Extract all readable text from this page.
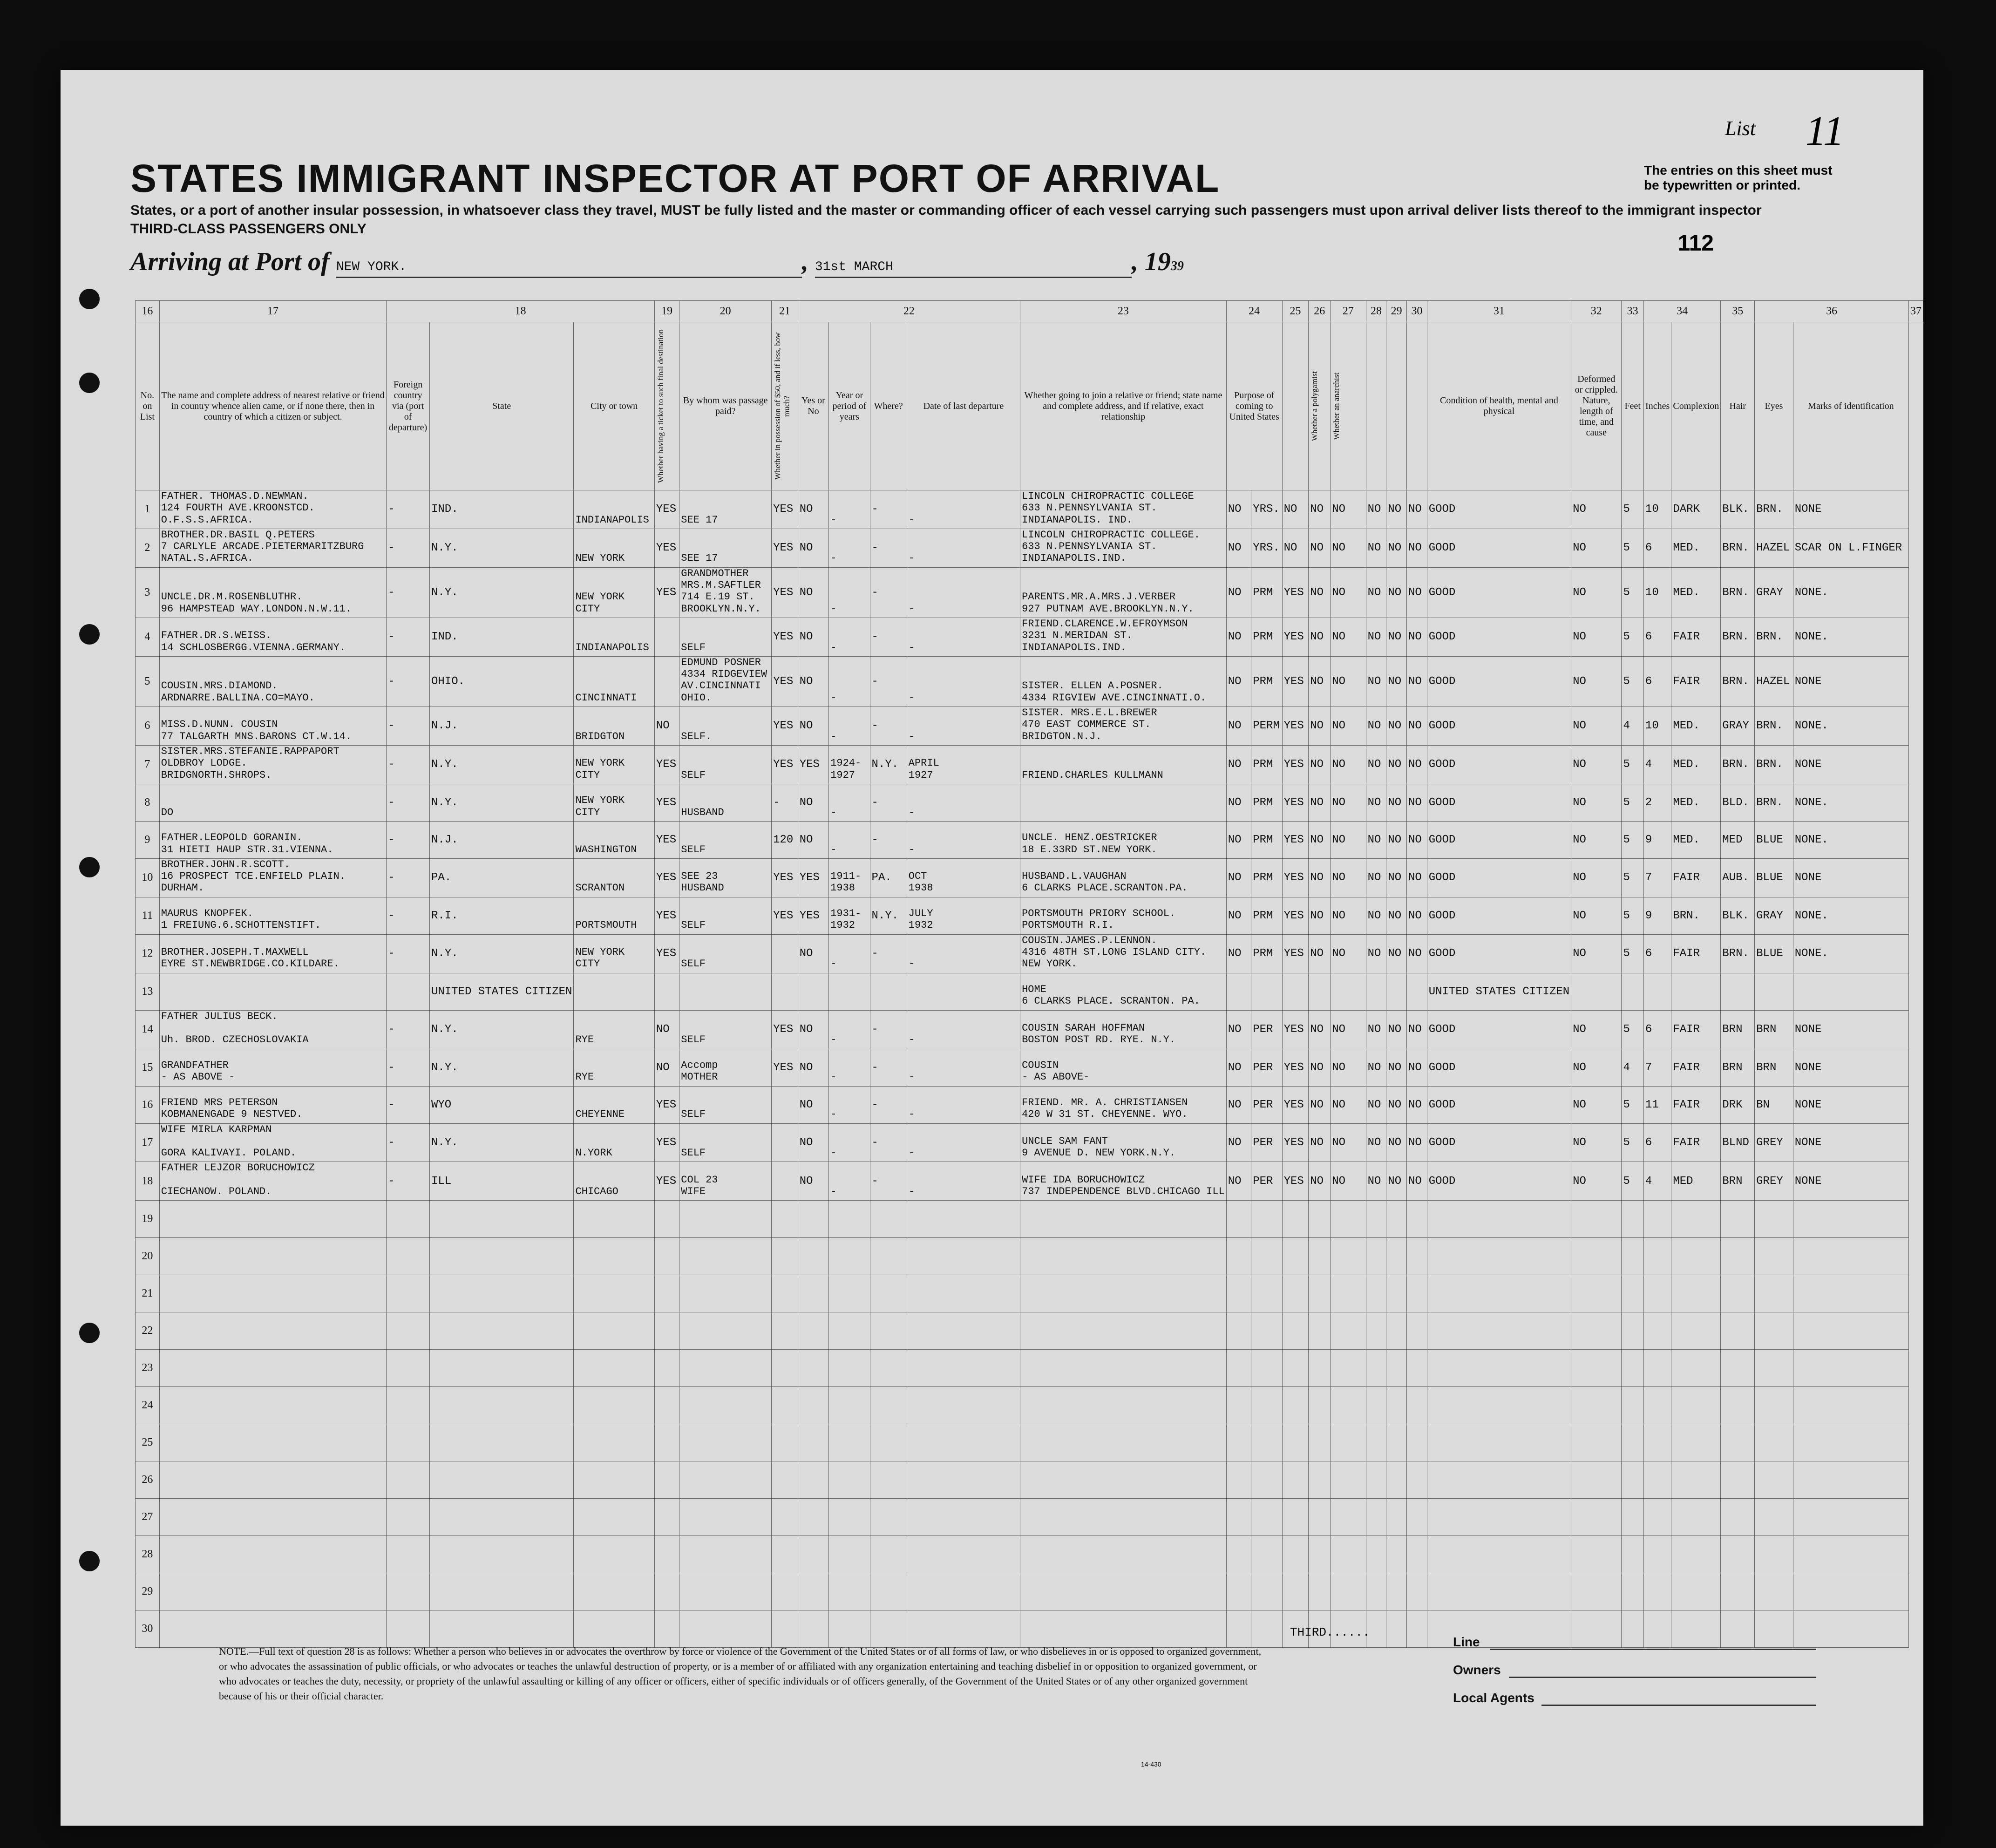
STATES IMMIGRANT INSPECTOR AT PORT OF ARRIVAL
States, or a port of another insular possession, in whatsoever class they travel, MUST be fully listed and the master or commanding officer of each vessel carrying such passengers must upon arrival deliver lists thereof to the immigrant inspector
THIRD-CLASS PASSENGERS ONLY
Arriving at Port of NEW YORK.	, 31st MARCH	, 1939
List 11
The entries on this sheet must be typewritten or printed.
112
16	17	18			19	20	21	22				23	24		25	26	27	28	29	30	31	32	33	34		35	36		37
No. on List	The name and complete address of nearest relative or friend in country whence alien came, or if none there, then in country of which a citizen or subject.	Foreign country via (port of departure)	State	City or town	Whether having a ticket to such final destination	By whom was passage paid?	Whether in possession of $50, and if less, how much?	Yes or No	Year or period of years	Where?	Date of last departure	Whether going to join a relative or friend; state name and complete address, and if relative, exact relationship	Purpose of coming to United States			Whether a polygamist	Whether an anarchist				Condition of health, mental and physical	Deformed or crippled. Nature, length of time, and cause	Feet	Inches	Complexion	Hair	Eyes	Marks of identification	
1	FATHER. THOMAS.D.NEWMAN.
124 FOURTH AVE.KROONSTCD.
O.F.S.S.AFRICA.	-	IND.	INDIANAPOLIS	YES	SEE 17	YES	NO	-	-	-	LINCOLN CHIROPRACTIC COLLEGE
633 N.PENNSYLVANIA ST.
INDIANAPOLIS. IND.	NO	YRS.	NO	NO	NO	NO	NO	NO	GOOD	NO	5	10	DARK	BLK.	BRN.	NONE	
2	BROTHER.DR.BASIL Q.PETERS
7 CARLYLE ARCADE.PIETERMARITZBURG
NATAL.S.AFRICA.	-	N.Y.	NEW YORK	YES	SEE 17	YES	NO	-	-	-	LINCOLN CHIROPRACTIC COLLEGE.
633 N.PENNSYLVANIA ST.
INDIANAPOLIS.IND.	NO	YRS.	NO	NO	NO	NO	NO	NO	GOOD	NO	5	6	MED.	BRN.	HAZEL	SCAR ON L.FINGER	
3	UNCLE.DR.M.ROSENBLUTHR.
96 HAMPSTEAD WAY.LONDON.N.W.11.	-	N.Y.	NEW YORK
CITY	YES	GRANDMOTHER
MRS.M.SAFTLER
714 E.19 ST.
BROOKLYN.N.Y.	YES	NO	-	-	-	PARENTS.MR.A.MRS.J.VERBER
927 PUTNAM AVE.BROOKLYN.N.Y.	NO	PRM	YES	NO	NO	NO	NO	NO	GOOD	NO	5	10	MED.	BRN.	GRAY	NONE.	
4	FATHER.DR.S.WEISS.
14 SCHLOSBERGG.VIENNA.GERMANY.	-	IND.	INDIANAPOLIS		SELF	YES	NO	-	-	-	FRIEND.CLARENCE.W.EFROYMSON
3231 N.MERIDAN ST.
INDIANAPOLIS.IND.	NO	PRM	YES	NO	NO	NO	NO	NO	GOOD	NO	5	6	FAIR	BRN.	BRN.	NONE.	
5	COUSIN.MRS.DIAMOND.
ARDNARRE.BALLINA.CO=MAYO.	-	OHIO.	CINCINNATI		EDMUND POSNER
4334 RIDGEVIEW
AV.CINCINNATI
OHIO.	YES	NO	-	-	-	SISTER. ELLEN A.POSNER.
4334 RIGVIEW AVE.CINCINNATI.O.	NO	PRM	YES	NO	NO	NO	NO	NO	GOOD	NO	5	6	FAIR	BRN.	HAZEL	NONE	
6	MISS.D.NUNN. COUSIN
77 TALGARTH MNS.BARONS CT.W.14.	-	N.J.	BRIDGTON	NO	SELF.	YES	NO	-	-	-	SISTER. MRS.E.L.BREWER
470 EAST COMMERCE ST.
BRIDGTON.N.J.	NO	PERM	YES	NO	NO	NO	NO	NO	GOOD	NO	4	10	MED.	GRAY	BRN.	NONE.	
7	SISTER.MRS.STEFANIE.RAPPAPORT
OLDBROY LODGE.
BRIDGNORTH.SHROPS.	-	N.Y.	NEW YORK
CITY	YES	SELF	YES	YES	1924-
1927	N.Y.	APRIL
1927	FRIEND.CHARLES KULLMANN	NO	PRM	YES	NO	NO	NO	NO	NO	GOOD	NO	5	4	MED.	BRN.	BRN.	NONE	
8	DO	-	N.Y.	NEW YORK
CITY	YES	HUSBAND	-	NO	-	-	-		NO	PRM	YES	NO	NO	NO	NO	NO	GOOD	NO	5	2	MED.	BLD.	BRN.	NONE.	
9	FATHER.LEOPOLD GORANIN.
31 HIETI HAUP STR.31.VIENNA.	-	N.J.	WASHINGTON	YES	SELF	120	NO	-	-	-	UNCLE. HENZ.OESTRICKER
18 E.33RD ST.NEW YORK.	NO	PRM	YES	NO	NO	NO	NO	NO	GOOD	NO	5	9	MED.	MED	BLUE	NONE.	
10	BROTHER.JOHN.R.SCOTT.
16 PROSPECT TCE.ENFIELD PLAIN.
DURHAM.	-	PA.	SCRANTON	YES	SEE 23
HUSBAND	YES	YES	1911-
1938	PA.	OCT
1938	HUSBAND.L.VAUGHAN
6 CLARKS PLACE.SCRANTON.PA.	NO	PRM	YES	NO	NO	NO	NO	NO	GOOD	NO	5	7	FAIR	AUB.	BLUE	NONE	
11	MAURUS KNOPFEK.
1 FREIUNG.6.SCHOTTENSTIFT.	-	R.I.	PORTSMOUTH	YES	SELF	YES	YES	1931-
1932	N.Y.	JULY
1932	PORTSMOUTH PRIORY SCHOOL.
PORTSMOUTH R.I.	NO	PRM	YES	NO	NO	NO	NO	NO	GOOD	NO	5	9	BRN.	BLK.	GRAY	NONE.	
12	BROTHER.JOSEPH.T.MAXWELL
EYRE ST.NEWBRIDGE.CO.KILDARE.	-	N.Y.	NEW YORK
CITY	YES	SELF		NO	-	-	-	COUSIN.JAMES.P.LENNON.
4316 48TH ST.LONG ISLAND CITY.
NEW YORK.	NO	PRM	YES	NO	NO	NO	NO	NO	GOOD	NO	5	6	FAIR	BRN.	BLUE	NONE.	
13			UNITED STATES CITIZEN									HOME
6 CLARKS PLACE. SCRANTON. PA.									UNITED STATES CITIZEN								
14	FATHER JULIUS BECK.

Uh. BROD. CZECHOSLOVAKIA	-	N.Y.	RYE	NO	SELF	YES	NO	-	-	-	COUSIN SARAH HOFFMAN
BOSTON POST RD. RYE. N.Y.	NO	PER	YES	NO	NO	NO	NO	NO	GOOD	NO	5	6	FAIR	BRN	BRN	NONE	
15	GRANDFATHER
- AS ABOVE -	-	N.Y.	RYE	NO	Accomp
MOTHER	YES	NO	-	-	-	COUSIN
- AS ABOVE-	NO	PER	YES	NO	NO	NO	NO	NO	GOOD	NO	4	7	FAIR	BRN	BRN	NONE	
16	FRIEND MRS PETERSON
KOBMANENGADE 9 NESTVED.	-	WYO	CHEYENNE	YES	SELF		NO	-	-	-	FRIEND. MR. A. CHRISTIANSEN
420 W 31 ST. CHEYENNE. WYO.	NO	PER	YES	NO	NO	NO	NO	NO	GOOD	NO	5	11	FAIR	DRK	BN	NONE	
17	WIFE MIRLA KARPMAN

GORA KALIVAYI. POLAND.	-	N.Y.	N.YORK	YES	SELF		NO	-	-	-	UNCLE SAM FANT
9 AVENUE D. NEW YORK.N.Y.	NO	PER	YES	NO	NO	NO	NO	NO	GOOD	NO	5	6	FAIR	BLND	GREY	NONE	
18	FATHER LEJZOR BORUCHOWICZ

CIECHANOW. POLAND.	-	ILL	CHICAGO	YES	COL 23
WIFE		NO	-	-	-	WIFE IDA BORUCHOWICZ
737 INDEPENDENCE BLVD.CHICAGO ILL	NO	PER	YES	NO	NO	NO	NO	NO	GOOD	NO	5	4	MED	BRN	GREY	NONE	
19																													
20																													
21																													
22																													
23																													
24																													
25																													
26																													
27																													
28																													
29																													
30																													
NOTE.—Full text of question 28 is as follows: Whether a person who believes in or advocates the overthrow by force or violence of the Government of the United States or of all forms of law, or who disbelieves in or is opposed to organized government, or who advocates the assassination of public officials, or who advocates or teaches the unlawful destruction of property, or is a member of or affiliated with any organization entertaining and teaching disbelief in or opposition to organized government, or who advocates or teaches the duty, necessity, or propriety of the unlawful assaulting or killing of any officer or officers, either of specific individuals or of officers generally, of the Government of the United States or of any other organized government because of his or their official character.
THIRD......
Line
Owners
Local Agents
14-430
